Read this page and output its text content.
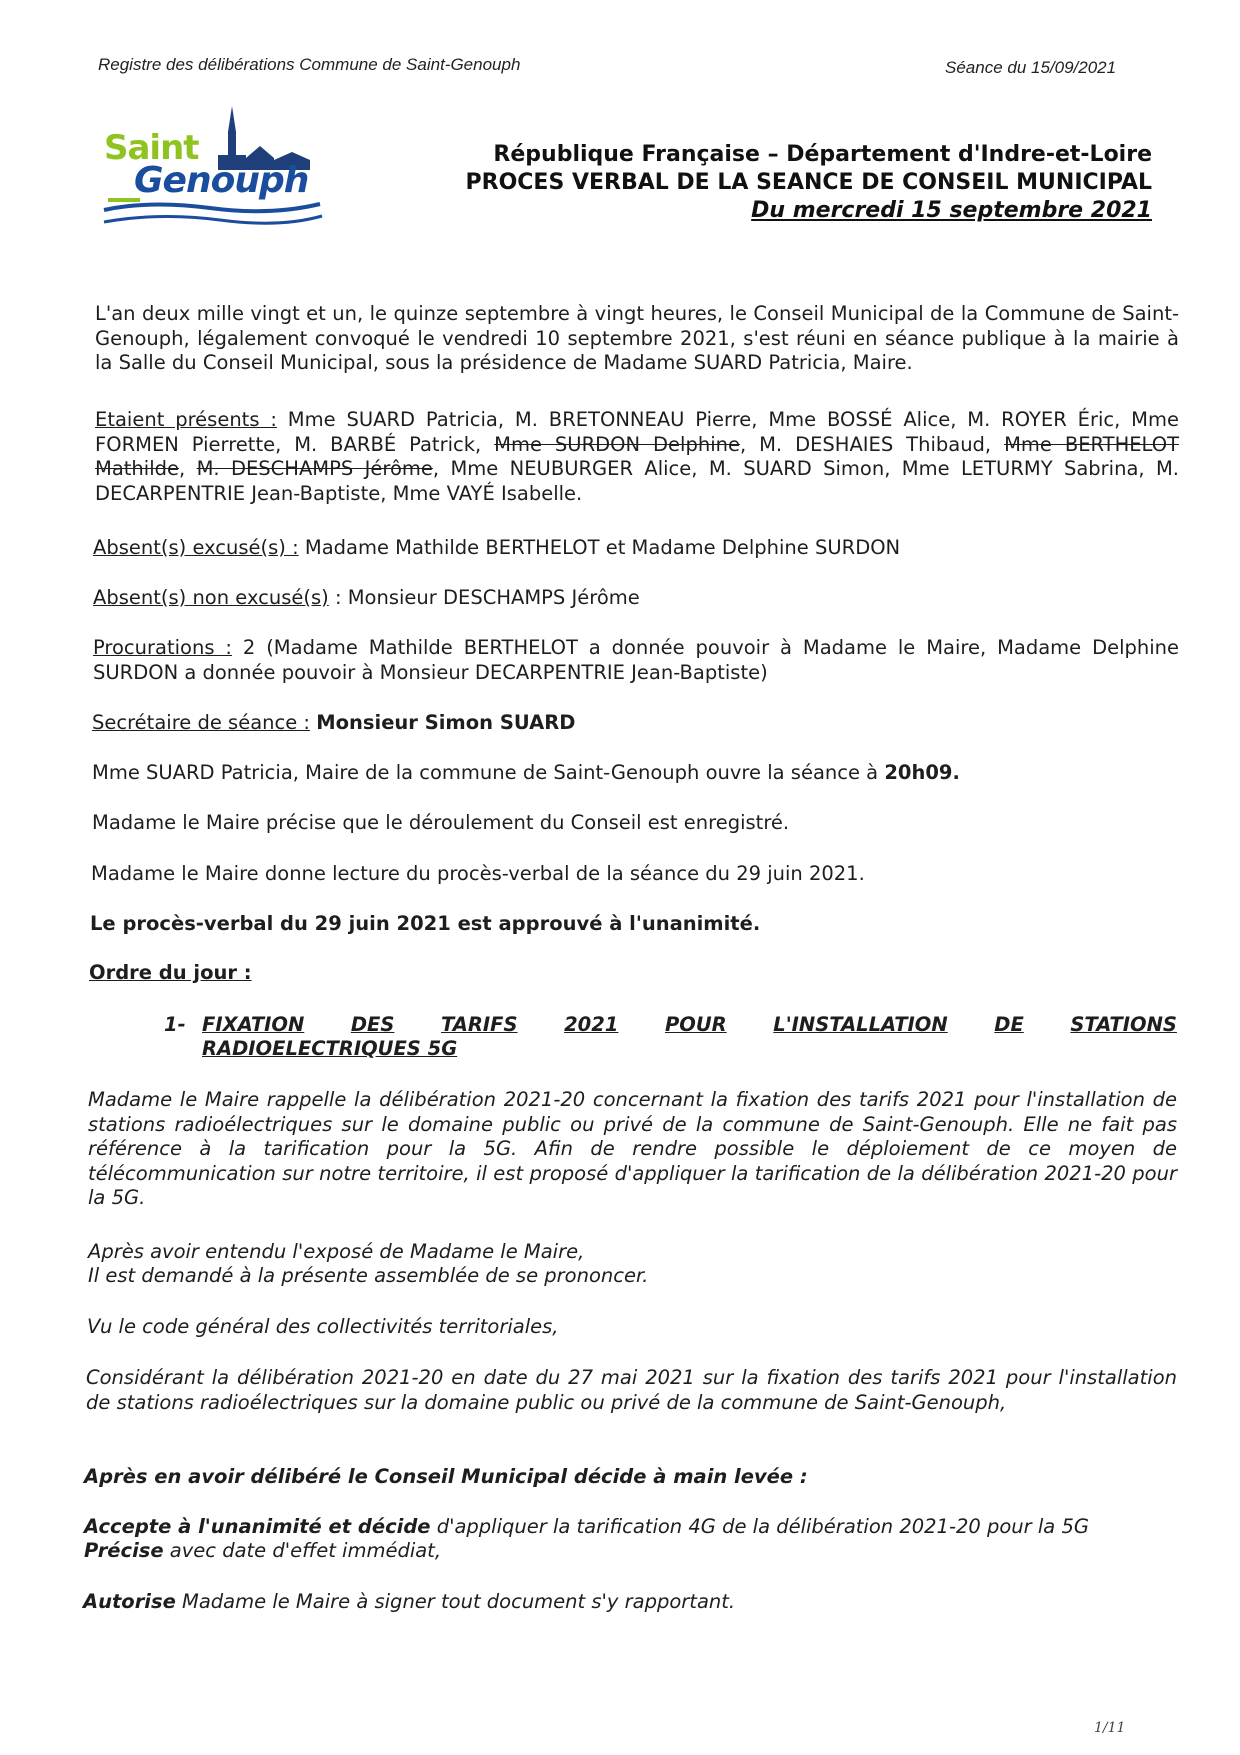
Registre des délibérations Commune de Saint-Genouph	Séance du 15/09/2021
Saint
Genouph
République Française – Département d'Indre-et-Loire
PROCES VERBAL DE LA SEANCE DE CONSEIL MUNICIPAL
Du mercredi 15 septembre 2021
L'an deux mille vingt et un, le quinze septembre à vingt heures, le Conseil Municipal de la Commune de Saint-Genouph, légalement convoqué le vendredi 10 septembre 2021, s'est réuni en séance publique à la mairie à la Salle du Conseil Municipal, sous la présidence de Madame SUARD Patricia, Maire.
Etaient présents : Mme SUARD Patricia, M. BRETONNEAU Pierre, Mme BOSSÉ Alice, M. ROYER Éric, Mme FORMEN Pierrette, M. BARBÉ Patrick, Mme SURDON Delphine, M. DESHAIES Thibaud, Mme BERTHELOT Mathilde, M. DESCHAMPS Jérôme, Mme NEUBURGER Alice, M. SUARD Simon, Mme LETURMY Sabrina, M. DECARPENTRIE Jean-Baptiste, Mme VAYÉ Isabelle.
Absent(s) excusé(s) : Madame Mathilde BERTHELOT et Madame Delphine SURDON
Absent(s) non excusé(s) : Monsieur DESCHAMPS Jérôme
Procurations : 2 (Madame Mathilde BERTHELOT a donnée pouvoir à Madame le Maire, Madame Delphine SURDON a donnée pouvoir à Monsieur DECARPENTRIE Jean-Baptiste)
Secrétaire de séance : Monsieur Simon SUARD
Mme SUARD Patricia, Maire de la commune de Saint-Genouph ouvre la séance à 20h09.
Madame le Maire précise que le déroulement du Conseil est enregistré.
Madame le Maire donne lecture du procès-verbal de la séance du 29 juin 2021.
Le procès-verbal du 29 juin 2021 est approuvé à l'unanimité.
Ordre du jour :
1- FIXATION DES TARIFS 2021 POUR L'INSTALLATION DE STATIONS
RADIOELECTRIQUES 5G
Madame le Maire rappelle la délibération 2021-20 concernant la fixation des tarifs 2021 pour l'installation de stations radioélectriques sur le domaine public ou privé de la commune de Saint-Genouph. Elle ne fait pas référence à la tarification pour la 5G. Afin de rendre possible le déploiement de ce moyen de télécommunication sur notre territoire, il est proposé d'appliquer la tarification de la délibération 2021-20 pour la 5G.
Après avoir entendu l'exposé de Madame le Maire,
Il est demandé à la présente assemblée de se prononcer.
Vu le code général des collectivités territoriales,
Considérant la délibération 2021-20 en date du 27 mai 2021 sur la fixation des tarifs 2021 pour l'installation de stations radioélectriques sur la domaine public ou privé de la commune de Saint-Genouph,
Après en avoir délibéré le Conseil Municipal décide à main levée :
Accepte à l'unanimité et décide d'appliquer la tarification 4G de la délibération 2021-20 pour la 5G
Précise avec date d'effet immédiat,
Autorise Madame le Maire à signer tout document s'y rapportant.
1/11
